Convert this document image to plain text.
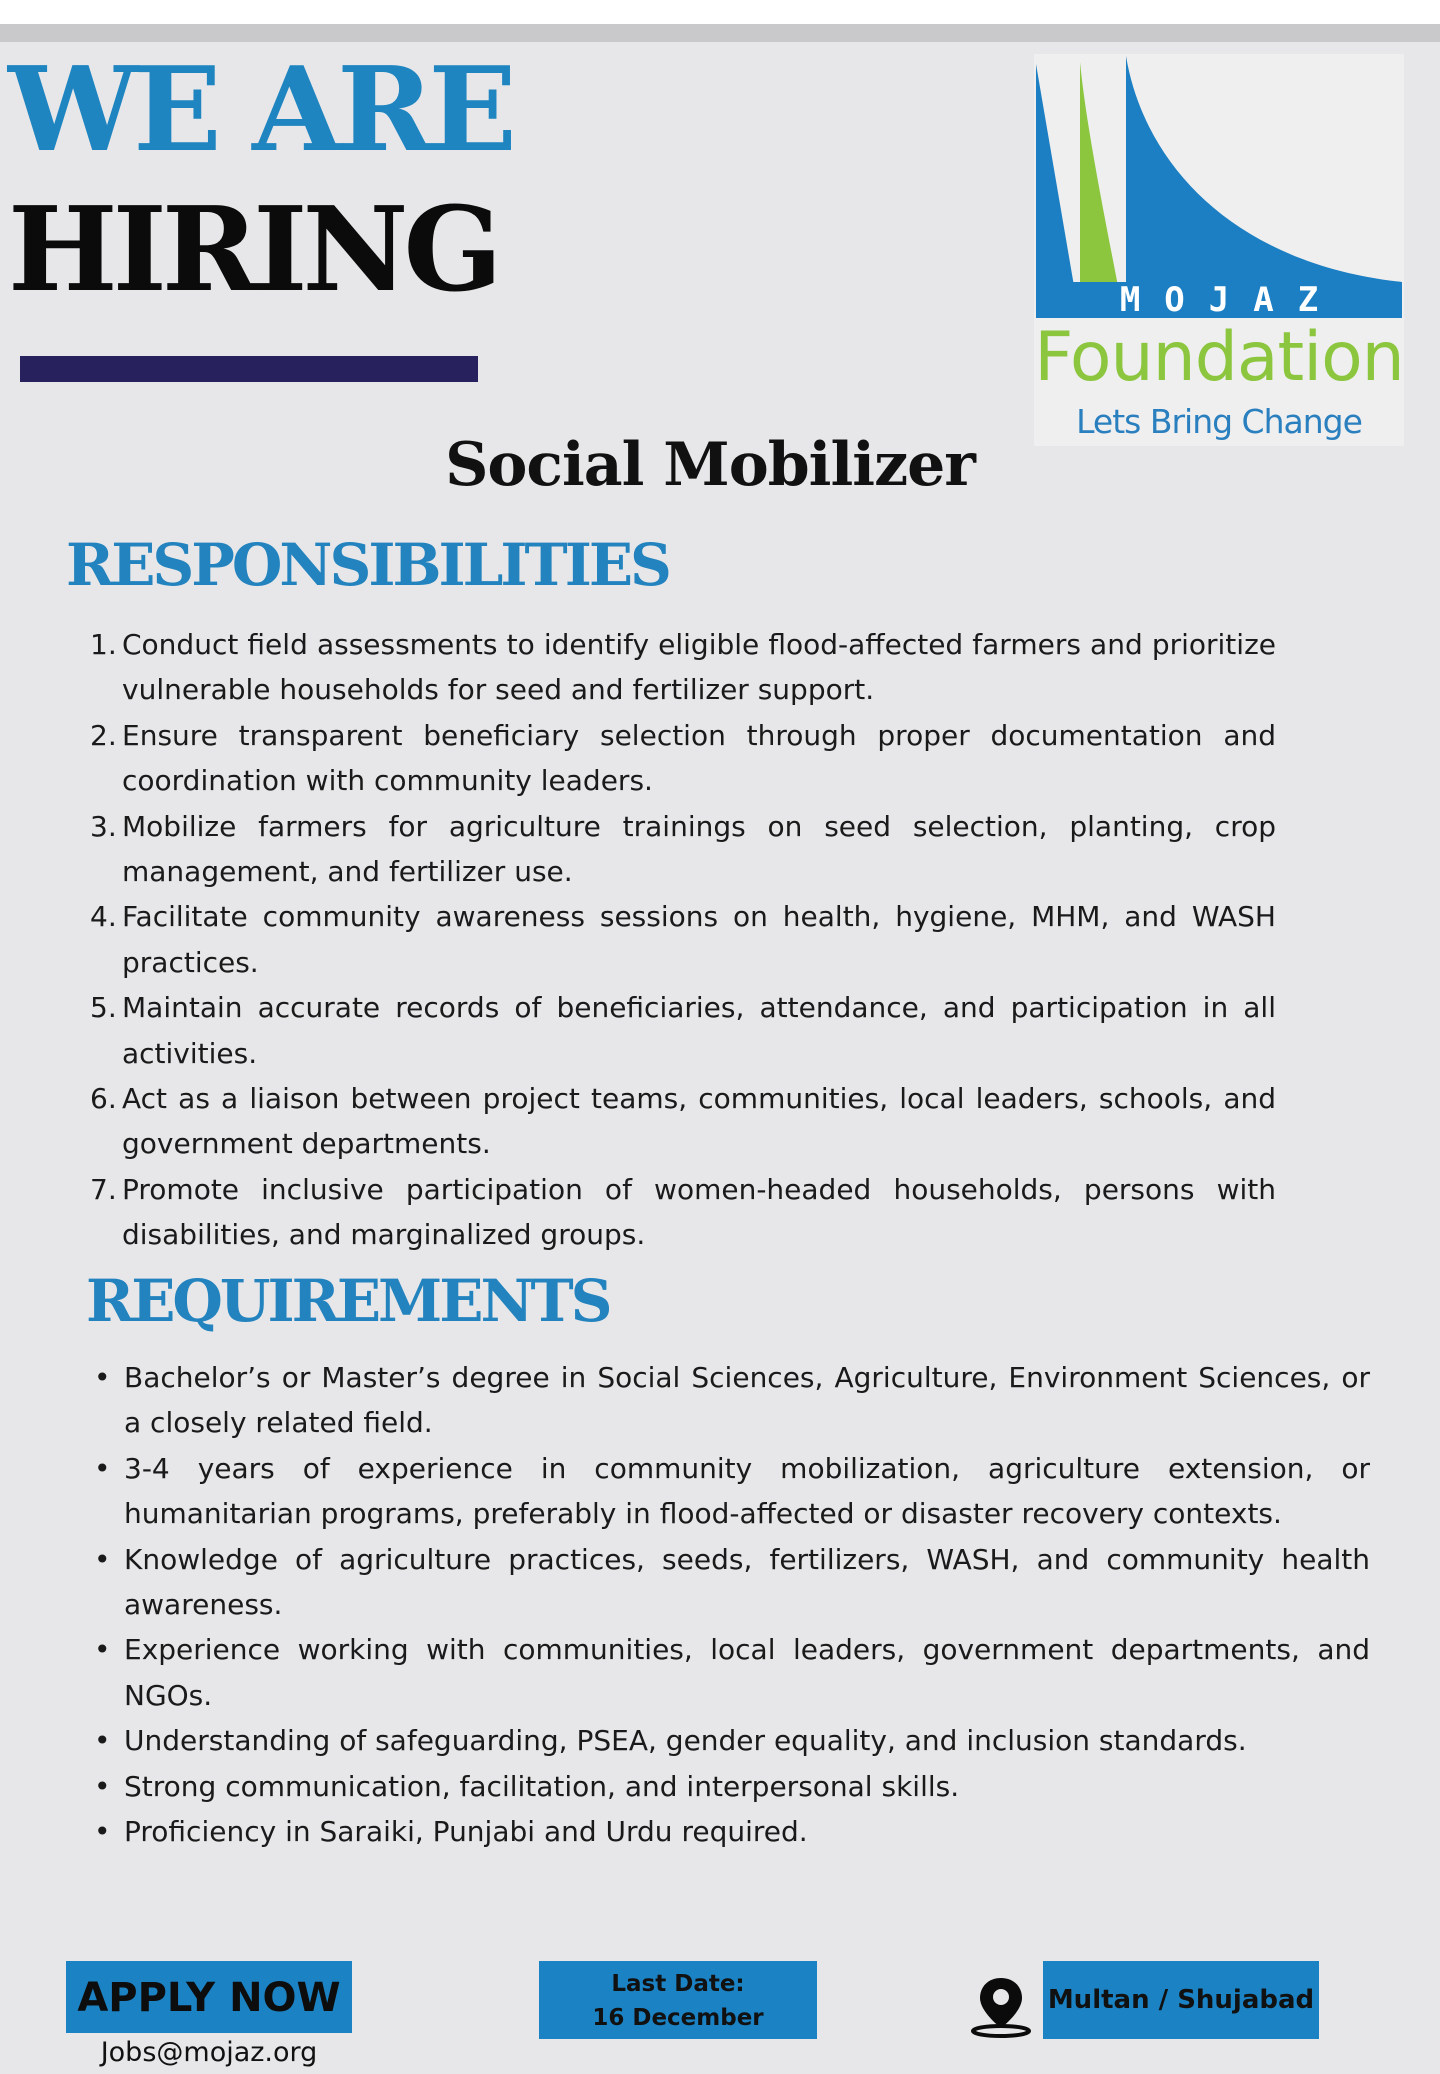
WE ARE
HIRING	MOJAZ
Foundation
Lets Bring Change
Social Mobilizer
RESPONSIBILITIES
1. Conduct field assessments to identify eligible flood-affected farmers and prioritize vulnerable households for seed and fertilizer support.
2. Ensure transparent beneficiary selection through proper documentation and coordination with community leaders.
3. Mobilize farmers for agriculture trainings on seed selection, planting, crop management, and fertilizer use.
4. Facilitate community awareness sessions on health, hygiene, MHM, and WASH practices.
5. Maintain accurate records of beneficiaries, attendance, and participation in all activities.
6. Act as a liaison between project teams, communities, local leaders, schools, and government departments.
7. Promote inclusive participation of women-headed households, persons with disabilities, and marginalized groups.
REQUIREMENTS
• Bachelor’s or Master’s degree in Social Sciences, Agriculture, Environment Sciences, or a closely related field.
• 3-4 years of experience in community mobilization, agriculture extension, or humanitarian programs, preferably in flood-affected or disaster recovery contexts.
• Knowledge of agriculture practices, seeds, fertilizers, WASH, and community health awareness.
• Experience working with communities, local leaders, government departments, and NGOs.
• Understanding of safeguarding, PSEA, gender equality, and inclusion standards.
• Strong communication, facilitation, and interpersonal skills.
• Proficiency in Saraiki, Punjabi and Urdu required.
APPLY NOW
Jobs@mojaz.org
Last Date:
16 December
Multan / Shujabad
